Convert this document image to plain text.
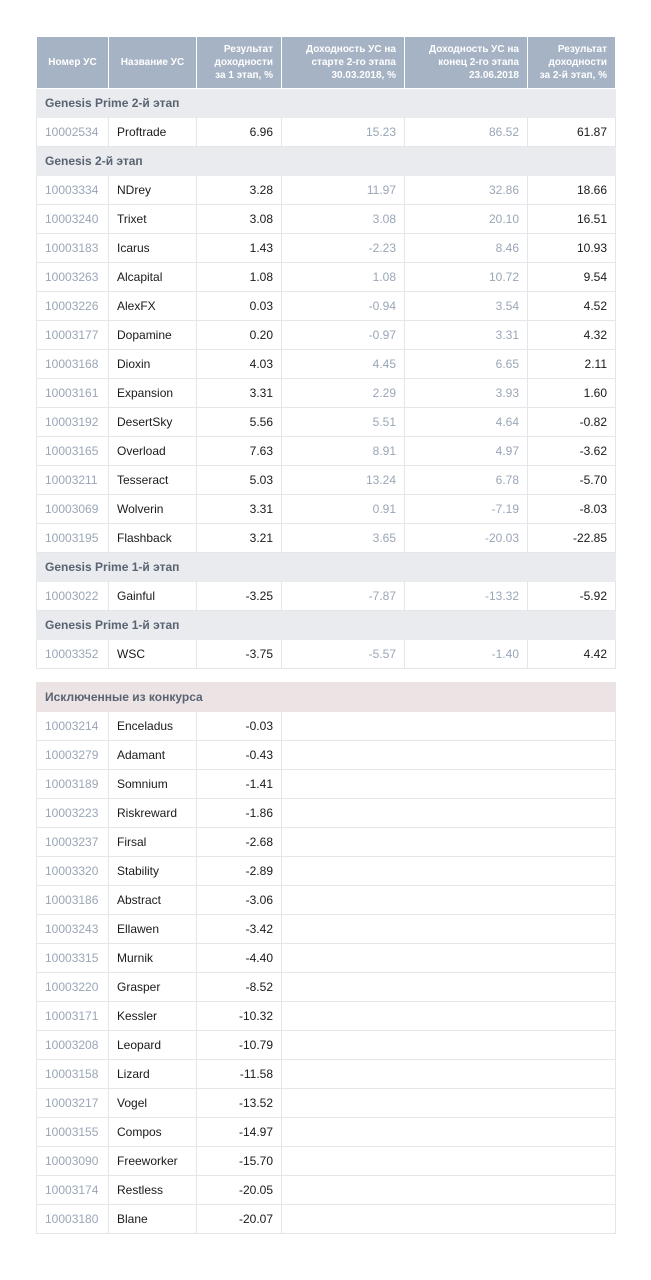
Номер УС	Название УС	Результат доходности за 1 этап, %	Доходность УС на старте 2-го этапа 30.03.2018, %	Доходность УС на конец 2-го этапа 23.06.2018	Результат доходности за 2-й этап, %
Genesis Prime 2-й этап					
10002534	Proftrade	6.96	15.23	86.52	61.87
Genesis 2-й этап					
10003334	NDrey	3.28	11.97	32.86	18.66
10003240	Trixet	3.08	3.08	20.10	16.51
10003183	Icarus	1.43	-2.23	8.46	10.93
10003263	Alcapital	1.08	1.08	10.72	9.54
10003226	AlexFX	0.03	-0.94	3.54	4.52
10003177	Dopamine	0.20	-0.97	3.31	4.32
10003168	Dioxin	4.03	4.45	6.65	2.11
10003161	Expansion	3.31	2.29	3.93	1.60
10003192	DesertSky	5.56	5.51	4.64	-0.82
10003165	Overload	7.63	8.91	4.97	-3.62
10003211	Tesseract	5.03	13.24	6.78	-5.70
10003069	Wolverin	3.31	0.91	-7.19	-8.03
10003195	Flashback	3.21	3.65	-20.03	-22.85
Genesis Prime 1-й этап					
10003022	Gainful	-3.25	-7.87	-13.32	-5.92
Genesis Prime 1-й этап					
10003352	WSC	-3.75	-5.57	-1.40	4.42

Исключенные из конкурса					
10003214	Enceladus	-0.03			
10003279	Adamant	-0.43			
10003189	Somnium	-1.41			
10003223	Riskreward	-1.86			
10003237	Firsal	-2.68			
10003320	Stability	-2.89			
10003186	Abstract	-3.06			
10003243	Ellawen	-3.42			
10003315	Murnik	-4.40			
10003220	Grasper	-8.52			
10003171	Kessler	-10.32			
10003208	Leopard	-10.79			
10003158	Lizard	-11.58			
10003217	Vogel	-13.52			
10003155	Compos	-14.97			
10003090	Freeworker	-15.70			
10003174	Restless	-20.05			
10003180	Blane	-20.07			
